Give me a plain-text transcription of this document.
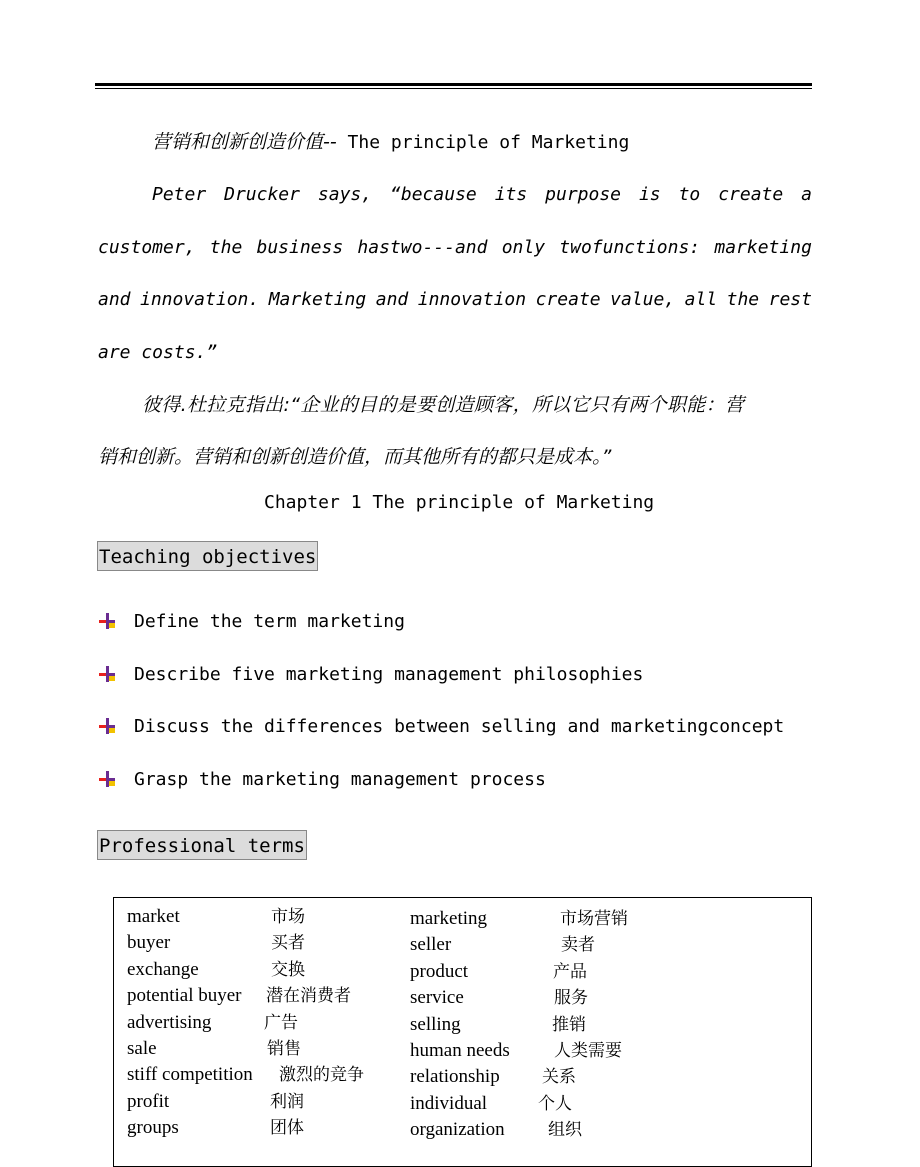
营销和创新创造价值-- The principle of Marketing
Peter Drucker says, “because its purpose is to create a
customer, the business hastwo---and only twofunctions: marketing
and innovation. Marketing and innovation create value, all the rest
are costs.”
彼得.杜拉克指出:“企业的目的是要创造顾客，所以它只有两个职能：营
销和创新。营销和创新创造价值，而其他所有的都只是成本。”
Chapter 1 The principle of Marketing
Teaching objectives
Define the term marketing
Describe five marketing management philosophies
Discuss the differences between selling and marketingconcept
Grasp the marketing management process
Professional terms
market	市场
buyer	买者
exchange	交换
potential buyer 潜在消费者
advertising	广告
sale	销售
stiff competition 激烈的竞争
profit	利润
groups	团体
marketing	市场营销
seller	卖者
product	产品
service	服务
selling	推销
human needs	人类需要
relationship 关系
individual	个人
organization	组织
